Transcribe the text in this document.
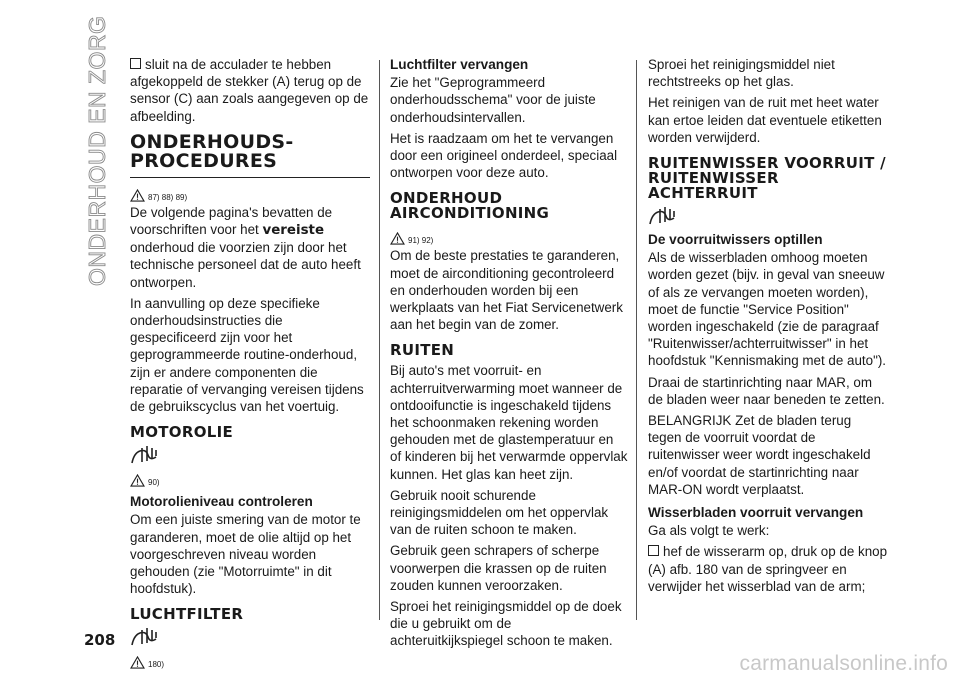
ONDERHOUD EN ZORG	sluit na de acculader te hebben afgekoppeld de stekker (A) terug op de sensor (C) aan zoals aangegeven op de afbeelding.

ONDERHOUDS-PROCEDURES
87) 88) 89)

De volgende pagina's bevatten de voorschriften voor het vereiste onderhoud die voorzien zijn door het technische personeel dat de auto heeft ontworpen.

In aanvulling op deze specifieke onderhoudsinstructies die gespecificeerd zijn voor het geprogrammeerde routine-onderhoud, zijn er andere componenten die reparatie of vervanging vereisen tijdens de gebruikscyclus van het voertuig.

MOTOROLIE
90)
Motorolieniveau controleren

Om een juiste smering van de motor te garanderen, moet de olie altijd op het voorgeschreven niveau worden gehouden (zie "Motorruimte" in dit hoofdstuk).

LUCHTFILTER
180)
Luchtfilter vervangen

Zie het "Geprogrammeerd onderhoudsschema" voor de juiste onderhoudsintervallen.

Het is raadzaam om het te vervangen door een origineel onderdeel, speciaal ontworpen voor deze auto.

ONDERHOUD AIRCONDITIONING
91) 92)

Om de beste prestaties te garanderen, moet de airconditioning gecontroleerd en onderhouden worden bij een werkplaats van het Fiat Servicenetwerk aan het begin van de zomer.

RUITEN

Bij auto's met voorruit- en achterruitverwarming moet wanneer de ontdooifunctie is ingeschakeld tijdens het schoonmaken rekening worden gehouden met de glastemperatuur en of kinderen bij het verwarmde oppervlak kunnen. Het glas kan heet zijn.

Gebruik nooit schurende reinigingsmiddelen om het oppervlak van de ruiten schoon te maken.

Gebruik geen schrapers of scherpe voorwerpen die krassen op de ruiten zouden kunnen veroorzaken.

Sproei het reinigingsmiddel op de doek die u gebruikt om de achteruitkijkspiegel schoon te maken.

Sproei het reinigingsmiddel niet rechtstreeks op het glas.

Het reinigen van de ruit met heet water kan ertoe leiden dat eventuele etiketten worden verwijderd.

RUITENWISSER VOORRUIT / RUITENWISSER ACHTERRUIT
De voorruitwissers optillen

Als de wisserbladen omhoog moeten worden gezet (bijv. in geval van sneeuw of als ze vervangen moeten worden), moet de functie "Service Position" worden ingeschakeld (zie de paragraaf "Ruitenwisser/achterruitwisser" in het hoofdstuk "Kennismaking met de auto").

Draai de startinrichting naar MAR, om de bladen weer naar beneden te zetten.

BELANGRIJK Zet de bladen terug tegen de voorruit voordat de ruitenwisser weer wordt ingeschakeld en/of voordat de startinrichting naar MAR-ON wordt verplaatst.

Wisserbladen voorruit vervangen

Ga als volgt te werk:

hef de wisserarm op, druk op de knop (A) afb. 180 van de springveer en verwijder het wisserblad van de arm;

208
carmanualsonline.info
